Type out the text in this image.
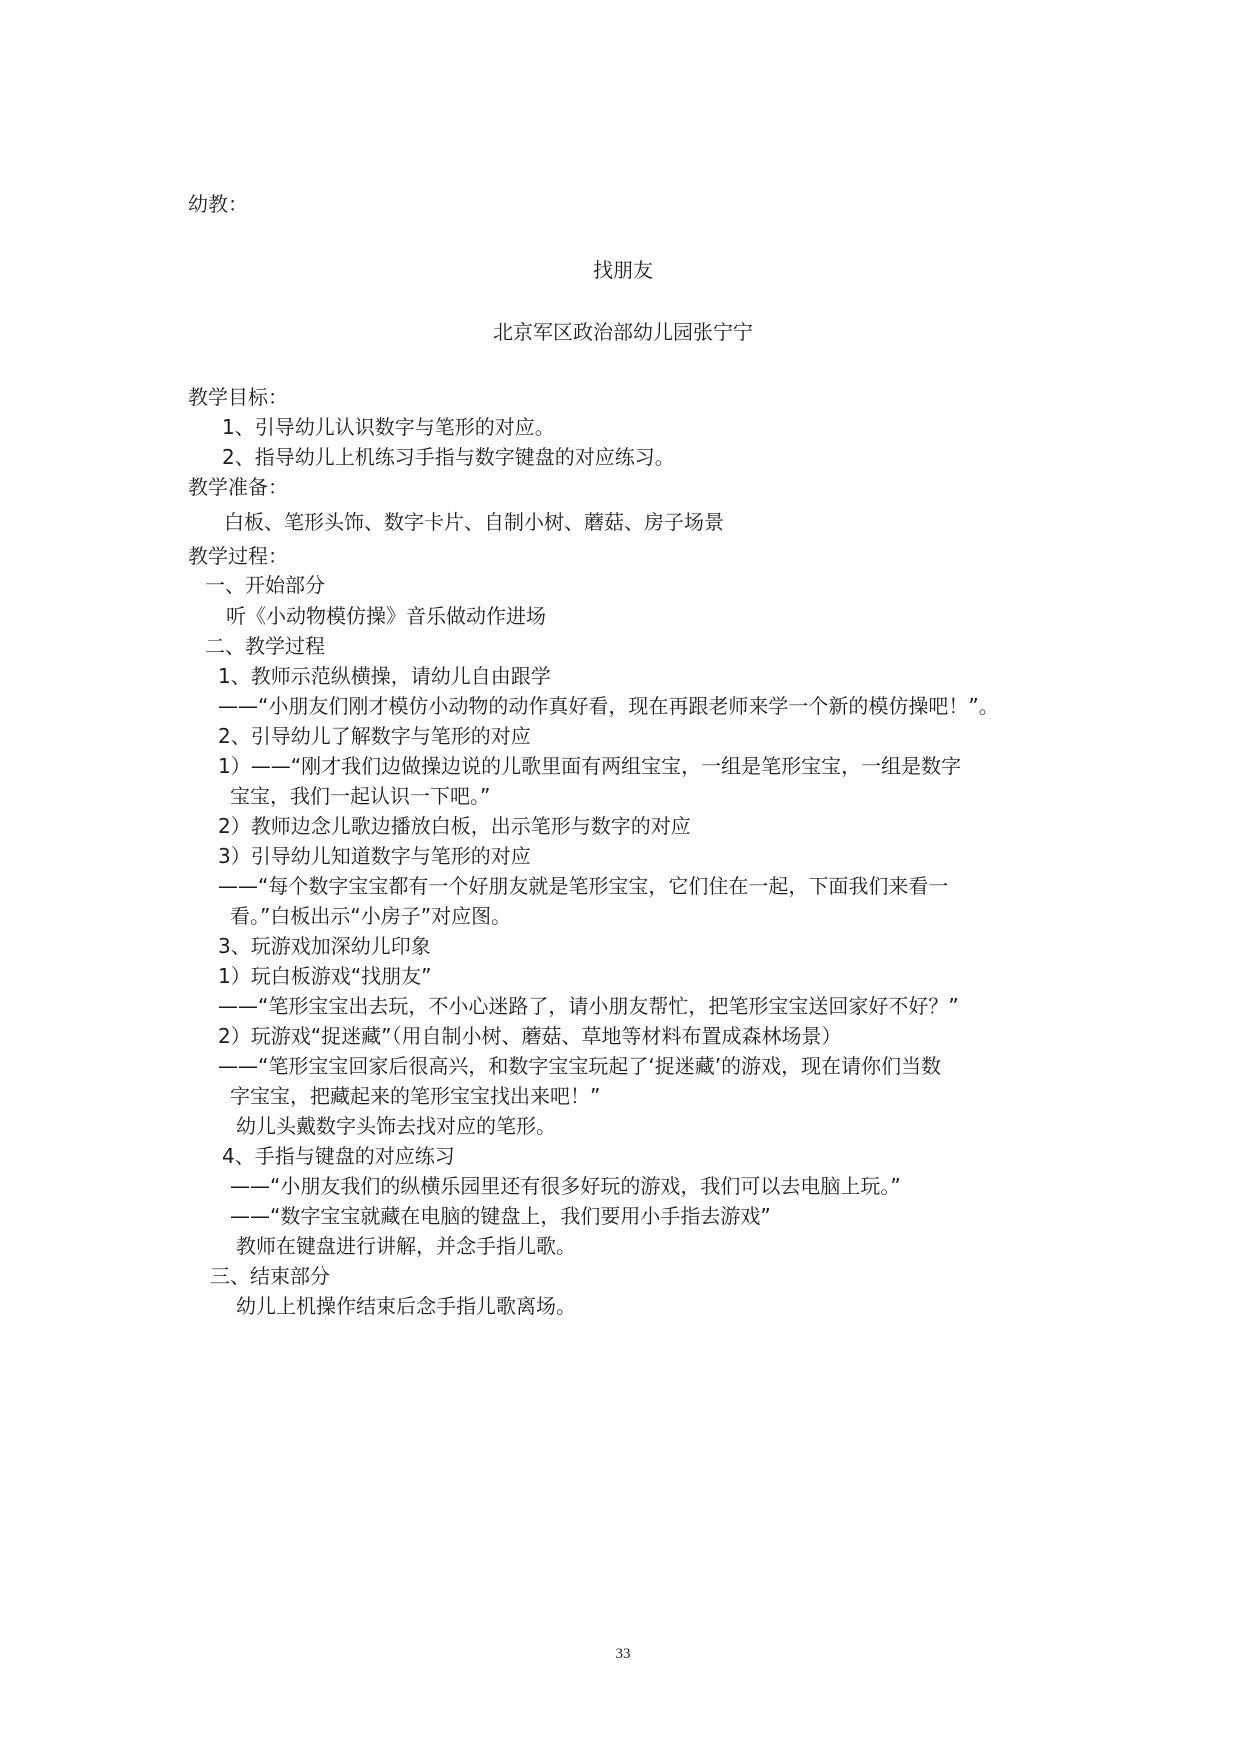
幼教：

找朋友

北京军区政治部幼儿园张宁宁

教学目标：

1、引导幼儿认识数字与笔形的对应。

2、指导幼儿上机练习手指与数字键盘的对应练习。

教学准备：

白板、笔形头饰、数字卡片、自制小树、蘑菇、房子场景

教学过程：

一、开始部分

听《小动物模仿操》音乐做动作进场

二、教学过程

1、教师示范纵横操，请幼儿自由跟学

——“小朋友们刚才模仿小动物的动作真好看，现在再跟老师来学一个新的模仿操吧！”。

2、引导幼儿了解数字与笔形的对应

1）——“刚才我们边做操边说的儿歌里面有两组宝宝，一组是笔形宝宝，一组是数字

宝宝，我们一起认识一下吧。”

2）教师边念儿歌边播放白板，出示笔形与数字的对应

3）引导幼儿知道数字与笔形的对应

——“每个数字宝宝都有一个好朋友就是笔形宝宝，它们住在一起，下面我们来看一

看。”白板出示“小房子”对应图。

3、玩游戏加深幼儿印象

1）玩白板游戏“找朋友”

——“笔形宝宝出去玩，不小心迷路了，请小朋友帮忙，把笔形宝宝送回家好不好？”

2）玩游戏“捉迷藏”（用自制小树、蘑菇、草地等材料布置成森林场景）

——“笔形宝宝回家后很高兴，和数字宝宝玩起了‘捉迷藏’的游戏，现在请你们当数

字宝宝，把藏起来的笔形宝宝找出来吧！”

幼儿头戴数字头饰去找对应的笔形。

4、手指与键盘的对应练习

——“小朋友我们的纵横乐园里还有很多好玩的游戏，我们可以去电脑上玩。”

——“数字宝宝就藏在电脑的键盘上，我们要用小手指去游戏”

教师在键盘进行讲解，并念手指儿歌。

三、结束部分

幼儿上机操作结束后念手指儿歌离场。

33
